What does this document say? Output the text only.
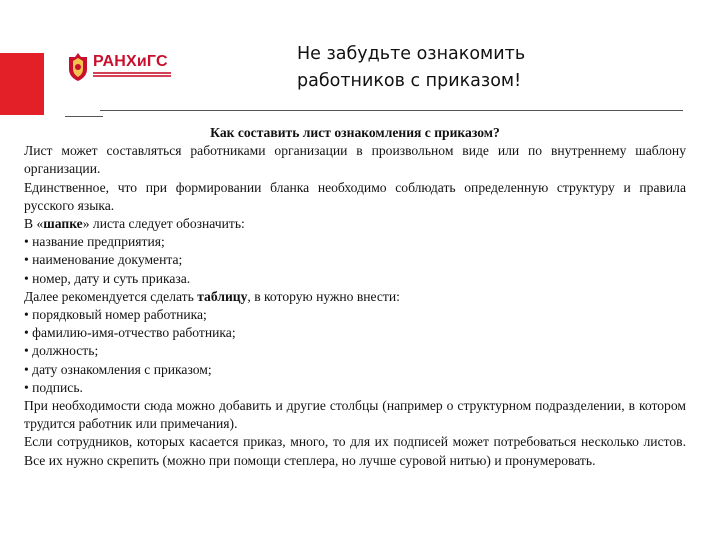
РАНХиГС	Не забудьте ознакомить
работников с приказом!

Как составить лист ознакомления с приказом?

Лист может составляться работниками организации в произвольном виде или по внутреннему шаблону организации.

Единственное, что при формировании бланка необходимо соблюдать определенную структуру и правила русского языка.

В «шапке» листа следует обозначить:

• название предприятия;

• наименование документа;

• номер, дату и суть приказа.

Далее рекомендуется сделать таблицу, в которую нужно внести:

• порядковый номер работника;

• фамилию-имя-отчество работника;

• должность;

• дату ознакомления с приказом;

• подпись.

При необходимости сюда можно добавить и другие столбцы (например о структурном подразделении, в котором трудится работник или примечания).

Если сотрудников, которых касается приказ, много, то для их подписей может потребоваться несколько листов. Все их нужно скрепить (можно при помощи степлера, но лучше суровой нитью) и пронумеровать.
